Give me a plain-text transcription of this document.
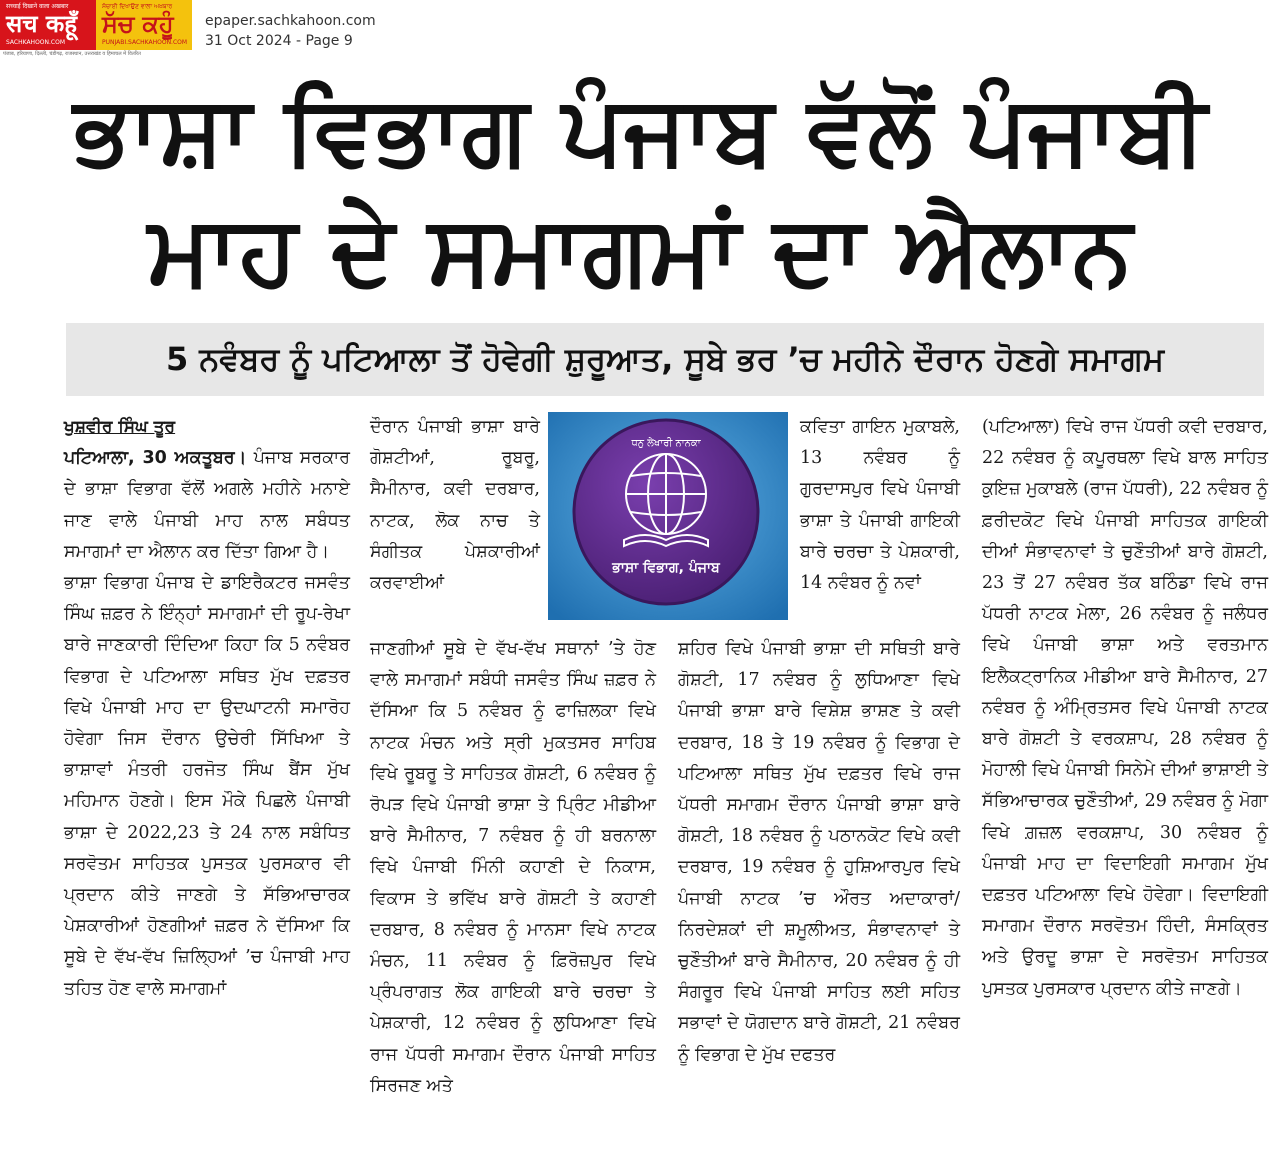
सच्चाई दिखाने वाला अखबार
सच कहूँ
SACHKAHOON.COM
ਸੱਚਾਈ ਦਿਖਾਉਣ ਵਾਲਾ ਅਖ਼ਬਾਰ
ਸੱਚ ਕਹੂੰ
PUNJABI.SACHKAHOON.COM
पंजाब, हरियाणा, दिल्ली, चंडीगढ़, राजस्थान, उत्तराखंड व हिमाचल में वितरित
epaper.sachkahoon.com
31 Oct 2024 - Page 9
ਭਾਸ਼ਾ ਵਿਭਾਗ ਪੰਜਾਬ ਵੱਲੋਂ ਪੰਜਾਬੀ
ਮਾਹ ਦੇ ਸਮਾਗਮਾਂ ਦਾ ਐਲਾਨ
5 ਨਵੰਬਰ ਨੂੰ ਪਟਿਆਲਾ ਤੋਂ ਹੋਵੇਗੀ ਸ਼ੁਰੂਆਤ, ਸੂਬੇ ਭਰ ’ਚ ਮਹੀਨੇ ਦੌਰਾਨ ਹੋਣਗੇ ਸਮਾਗਮ

ਖੁਸ਼ਵੀਰ ਸਿੰਘ ਤੂਰ

ਪਟਿਆਲਾ, 30 ਅਕਤੂਬਰ। ਪੰਜਾਬ ਸਰਕਾਰ ਦੇ ਭਾਸ਼ਾ ਵਿਭਾਗ ਵੱਲੋਂ ਅਗਲੇ ਮਹੀਨੇ ਮਨਾਏ ਜਾਣ ਵਾਲੇ ਪੰਜਾਬੀ ਮਾਹ ਨਾਲ ਸਬੰਧਤ ਸਮਾਗਮਾਂ ਦਾ ਐਲਾਨ ਕਰ ਦਿੱਤਾ ਗਿਆ ਹੈ।

ਭਾਸ਼ਾ ਵਿਭਾਗ ਪੰਜਾਬ ਦੇ ਡਾਇਰੈਕਟਰ ਜਸਵੰਤ ਸਿੰਘ ਜ਼ਫ਼ਰ ਨੇ ਇੰਨ੍ਹਾਂ ਸਮਾਗਮਾਂ ਦੀ ਰੂਪ-ਰੇਖਾ ਬਾਰੇ ਜਾਣਕਾਰੀ ਦਿੰਦਿਆ ਕਿਹਾ ਕਿ 5 ਨਵੰਬਰ ਵਿਭਾਗ ਦੇ ਪਟਿਆਲਾ ਸਥਿਤ ਮੁੱਖ ਦਫ਼ਤਰ ਵਿਖੇ ਪੰਜਾਬੀ ਮਾਹ ਦਾ ਉਦਘਾਟਨੀ ਸਮਾਰੋਹ ਹੋਵੇਗਾ ਜਿਸ ਦੌਰਾਨ ਉਚੇਰੀ ਸਿੱਖਿਆ ਤੇ ਭਾਸ਼ਾਵਾਂ ਮੰਤਰੀ ਹਰਜੋਤ ਸਿੰਘ ਬੈਂਸ ਮੁੱਖ ਮਹਿਮਾਨ ਹੋਣਗੇ। ਇਸ ਮੌਕੇ ਪਿਛਲੇ ਪੰਜਾਬੀ ਭਾਸ਼ਾ ਦੇ 2022,23 ਤੇ 24 ਨਾਲ ਸਬੰਧਿਤ ਸਰਵੋਤਮ ਸਾਹਿਤਕ ਪੁਸਤਕ ਪੁਰਸਕਾਰ ਵੀ ਪ੍ਰਦਾਨ ਕੀਤੇ ਜਾਣਗੇ ਤੇ ਸੱਭਿਆਚਾਰਕ ਪੇਸ਼ਕਾਰੀਆਂ ਹੋਣਗੀਆਂ ਜ਼ਫ਼ਰ ਨੇ ਦੱਸਿਆ ਕਿ ਸੂਬੇ ਦੇ ਵੱਖ-ਵੱਖ ਜ਼ਿਲ੍ਹਿਆਂ ’ਚ ਪੰਜਾਬੀ ਮਾਹ ਤਹਿਤ ਹੋਣ ਵਾਲੇ ਸਮਾਗਮਾਂ

ਦੌਰਾਨ ਪੰਜਾਬੀ ਭਾਸ਼ਾ ਬਾਰੇ ਗੋਸ਼ਟੀਆਂ, ਰੂਬਰੂ, ਸੈਮੀਨਾਰ, ਕਵੀ ਦਰਬਾਰ, ਨਾਟਕ, ਲੋਕ ਨਾਚ ਤੇ ਸੰਗੀਤਕ ਪੇਸ਼ਕਾਰੀਆਂ ਕਰਵਾਈਆਂ

ਜਾਣਗੀਆਂ ਸੂਬੇ ਦੇ ਵੱਖ-ਵੱਖ ਸਥਾਨਾਂ ’ਤੇ ਹੋਣ ਵਾਲੇ ਸਮਾਗਮਾਂ ਸਬੰਧੀ ਜਸਵੰਤ ਸਿੰਘ ਜ਼ਫ਼ਰ ਨੇ ਦੱਸਿਆ ਕਿ 5 ਨਵੰਬਰ ਨੂੰ ਫਾਜ਼ਿਲਕਾ ਵਿਖੇ ਨਾਟਕ ਮੰਚਨ ਅਤੇ ਸ੍ਰੀ ਮੁਕਤਸਰ ਸਾਹਿਬ ਵਿਖੇ ਰੂਬਰੂ ਤੇ ਸਾਹਿਤਕ ਗੋਸ਼ਟੀ, 6 ਨਵੰਬਰ ਨੂੰ ਰੋਪੜ ਵਿਖੇ ਪੰਜਾਬੀ ਭਾਸ਼ਾ ਤੇ ਪ੍ਰਿੰਟ ਮੀਡੀਆ ਬਾਰੇ ਸੈਮੀਨਾਰ, 7 ਨਵੰਬਰ ਨੂੰ ਹੀ ਬਰਨਾਲਾ ਵਿਖੇ ਪੰਜਾਬੀ ਮਿੰਨੀ ਕਹਾਣੀ ਦੇ ਨਿਕਾਸ, ਵਿਕਾਸ ਤੇ ਭਵਿੱਖ ਬਾਰੇ ਗੋਸ਼ਟੀ ਤੇ ਕਹਾਣੀ ਦਰਬਾਰ, 8 ਨਵੰਬਰ ਨੂੰ ਮਾਨਸਾ ਵਿਖੇ ਨਾਟਕ ਮੰਚਨ, 11 ਨਵੰਬਰ ਨੂੰ ਫ਼ਿਰੋਜ਼ਪੁਰ ਵਿਖੇ ਪ੍ਰੰਪਰਾਗਤ ਲੋਕ ਗਾਇਕੀ ਬਾਰੇ ਚਰਚਾ ਤੇ ਪੇਸ਼ਕਾਰੀ, 12 ਨਵੰਬਰ ਨੂੰ ਲੁਧਿਆਣਾ ਵਿਖੇ ਰਾਜ ਪੱਧਰੀ ਸਮਾਗਮ ਦੌਰਾਨ ਪੰਜਾਬੀ ਸਾਹਿਤ ਸਿਰਜਣ ਅਤੇ

ਧਨੁ ਲੇਖਾਰੀ ਨਾਨਕਾ
ਭਾਸ਼ਾ ਵਿਭਾਗ, ਪੰਜਾਬ

ਕਵਿਤਾ ਗਾਇਨ ਮੁਕਾਬਲੇ, 13 ਨਵੰਬਰ ਨੂੰ ਗੁਰਦਾਸਪੁਰ ਵਿਖੇ ਪੰਜਾਬੀ ਭਾਸ਼ਾ ਤੇ ਪੰਜਾਬੀ ਗਾਇਕੀ ਬਾਰੇ ਚਰਚਾ ਤੇ ਪੇਸ਼ਕਾਰੀ, 14 ਨਵੰਬਰ ਨੂੰ ਨਵਾਂ

ਸ਼ਹਿਰ ਵਿਖੇ ਪੰਜਾਬੀ ਭਾਸ਼ਾ ਦੀ ਸਥਿਤੀ ਬਾਰੇ ਗੋਸ਼ਟੀ, 17 ਨਵੰਬਰ ਨੂੰ ਲੁਧਿਆਣਾ ਵਿਖੇ ਪੰਜਾਬੀ ਭਾਸ਼ਾ ਬਾਰੇ ਵਿਸ਼ੇਸ਼ ਭਾਸ਼ਣ ਤੇ ਕਵੀ ਦਰਬਾਰ, 18 ਤੇ 19 ਨਵੰਬਰ ਨੂੰ ਵਿਭਾਗ ਦੇ ਪਟਿਆਲਾ ਸਥਿਤ ਮੁੱਖ ਦਫ਼ਤਰ ਵਿਖੇ ਰਾਜ ਪੱਧਰੀ ਸਮਾਗਮ ਦੌਰਾਨ ਪੰਜਾਬੀ ਭਾਸ਼ਾ ਬਾਰੇ ਗੋਸ਼ਟੀ, 18 ਨਵੰਬਰ ਨੂੰ ਪਠਾਨਕੋਟ ਵਿਖੇ ਕਵੀ ਦਰਬਾਰ, 19 ਨਵੰਬਰ ਨੂੰ ਹੁਸ਼ਿਆਰਪੁਰ ਵਿਖੇ ਪੰਜਾਬੀ ਨਾਟਕ ’ਚ ਔਰਤ ਅਦਾਕਾਰਾਂ/ ਨਿਰਦੇਸ਼ਕਾਂ ਦੀ ਸ਼ਮੂਲੀਅਤ, ਸੰਭਾਵਨਾਵਾਂ ਤੇ ਚੁਣੌਤੀਆਂ ਬਾਰੇ ਸੈਮੀਨਾਰ, 20 ਨਵੰਬਰ ਨੂੰ ਹੀ ਸੰਗਰੂਰ ਵਿਖੇ ਪੰਜਾਬੀ ਸਾਹਿਤ ਲਈ ਸਹਿਤ ਸਭਾਵਾਂ ਦੇ ਯੋਗਦਾਨ ਬਾਰੇ ਗੋਸ਼ਟੀ, 21 ਨਵੰਬਰ ਨੂੰ ਵਿਭਾਗ ਦੇ ਮੁੱਖ ਦਫਤਰ

(ਪਟਿਆਲਾ) ਵਿਖੇ ਰਾਜ ਪੱਧਰੀ ਕਵੀ ਦਰਬਾਰ, 22 ਨਵੰਬਰ ਨੂੰ ਕਪੂਰਥਲਾ ਵਿਖੇ ਬਾਲ ਸਾਹਿਤ ਕੁਇਜ਼ ਮੁਕਾਬਲੇ (ਰਾਜ ਪੱਧਰੀ), 22 ਨਵੰਬਰ ਨੂੰ ਫ਼ਰੀਦਕੋਟ ਵਿਖੇ ਪੰਜਾਬੀ ਸਾਹਿਤਕ ਗਾਇਕੀ ਦੀਆਂ ਸੰਭਾਵਨਾਵਾਂ ਤੇ ਚੁਣੌਤੀਆਂ ਬਾਰੇ ਗੋਸ਼ਟੀ, 23 ਤੋਂ 27 ਨਵੰਬਰ ਤੱਕ ਬਠਿੰਡਾ ਵਿਖੇ ਰਾਜ ਪੱਧਰੀ ਨਾਟਕ ਮੇਲਾ, 26 ਨਵੰਬਰ ਨੂੰ ਜਲੰਧਰ ਵਿਖੇ ਪੰਜਾਬੀ ਭਾਸ਼ਾ ਅਤੇ ਵਰਤਮਾਨ ਇਲੈਕਟ੍ਰਾਨਿਕ ਮੀਡੀਆ ਬਾਰੇ ਸੈਮੀਨਾਰ, 27 ਨਵੰਬਰ ਨੂੰ ਅੰਮ੍ਰਿਤਸਰ ਵਿਖੇ ਪੰਜਾਬੀ ਨਾਟਕ ਬਾਰੇ ਗੋਸ਼ਟੀ ਤੇ ਵਰਕਸ਼ਾਪ, 28 ਨਵੰਬਰ ਨੂੰ ਮੋਹਾਲੀ ਵਿਖੇ ਪੰਜਾਬੀ ਸਿਨੇਮੇ ਦੀਆਂ ਭਾਸ਼ਾਈ ਤੇ ਸੱਭਿਆਚਾਰਕ ਚੁਣੌਤੀਆਂ, 29 ਨਵੰਬਰ ਨੂੰ ਮੋਗਾ ਵਿਖੇ ਗ਼ਜ਼ਲ ਵਰਕਸ਼ਾਪ, 30 ਨਵੰਬਰ ਨੂੰ ਪੰਜਾਬੀ ਮਾਹ ਦਾ ਵਿਦਾਇਗੀ ਸਮਾਗਮ ਮੁੱਖ ਦਫ਼ਤਰ ਪਟਿਆਲਾ ਵਿਖੇ ਹੋਵੇਗਾ। ਵਿਦਾਇਗੀ ਸਮਾਗਮ ਦੌਰਾਨ ਸਰਵੋਤਮ ਹਿੰਦੀ, ਸੰਸਕ੍ਰਿਤ ਅਤੇ ਉਰਦੂ ਭਾਸ਼ਾ ਦੇ ਸਰਵੋਤਮ ਸਾਹਿਤਕ ਪੁਸਤਕ ਪੁਰਸਕਾਰ ਪ੍ਰਦਾਨ ਕੀਤੇ ਜਾਣਗੇ।
